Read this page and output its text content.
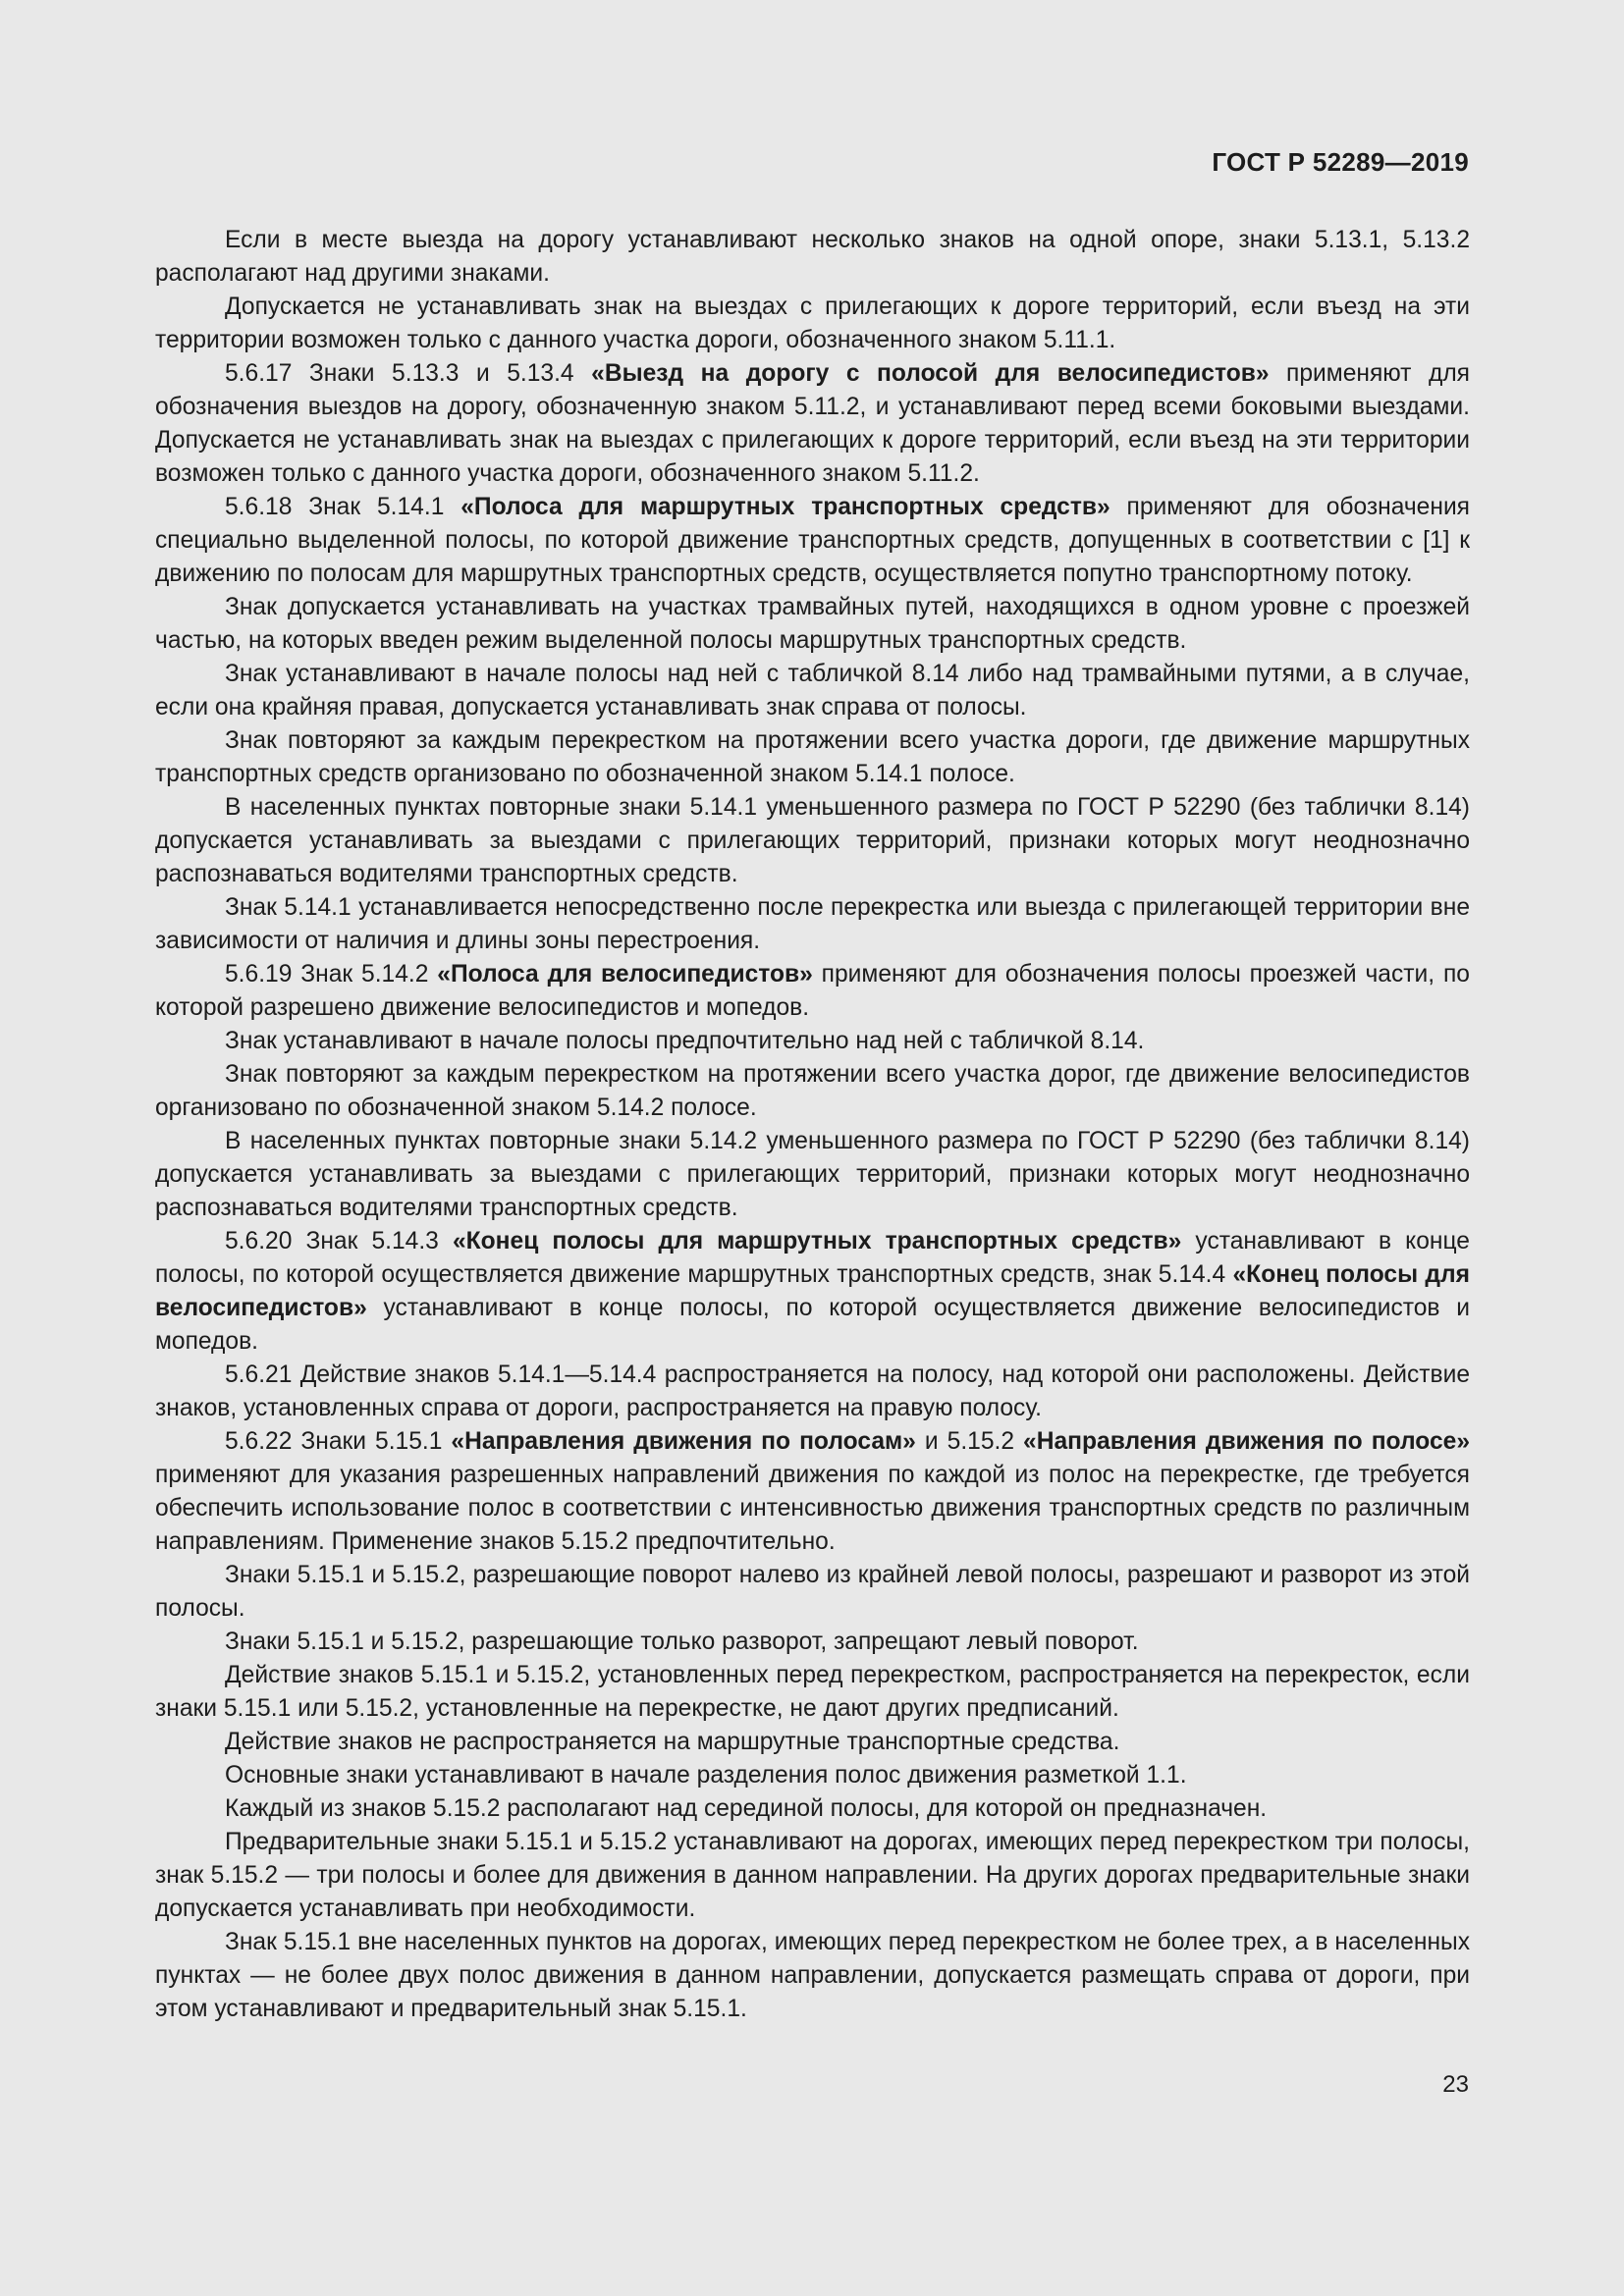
ГОСТ Р 52289—2019

Если в месте выезда на дорогу устанавливают несколько знаков на одной опоре, знаки 5.13.1, 5.13.2 располагают над другими знаками.

Допускается не устанавливать знак на выездах с прилегающих к дороге территорий, если въезд на эти территории возможен только с данного участка дороги, обозначенного знаком 5.11.1.

5.6.17 Знаки 5.13.3 и 5.13.4 «Выезд на дорогу с полосой для велосипедистов» применяют для обозначения выездов на дорогу, обозначенную знаком 5.11.2, и устанавливают перед всеми боковыми выездами. Допускается не устанавливать знак на выездах с прилегающих к дороге территорий, если въезд на эти территории возможен только с данного участка дороги, обозначенного знаком 5.11.2.

5.6.18 Знак 5.14.1 «Полоса для маршрутных транспортных средств» применяют для обозначения специально выделенной полосы, по которой движение транспортных средств, допущенных в соответствии с [1] к движению по полосам для маршрутных транспортных средств, осуществляется попутно транспортному потоку.

Знак допускается устанавливать на участках трамвайных путей, находящихся в одном уровне с проезжей частью, на которых введен режим выделенной полосы маршрутных транспортных средств.

Знак устанавливают в начале полосы над ней с табличкой 8.14 либо над трамвайными путями, а в случае, если она крайняя правая, допускается устанавливать знак справа от полосы.

Знак повторяют за каждым перекрестком на протяжении всего участка дороги, где движение маршрутных транспортных средств организовано по обозначенной знаком 5.14.1 полосе.

В населенных пунктах повторные знаки 5.14.1 уменьшенного размера по ГОСТ Р 52290 (без таблички 8.14) допускается устанавливать за выездами с прилегающих территорий, признаки которых могут неоднозначно распознаваться водителями транспортных средств.

Знак 5.14.1 устанавливается непосредственно после перекрестка или выезда с прилегающей территории вне зависимости от наличия и длины зоны перестроения.

5.6.19 Знак 5.14.2 «Полоса для велосипедистов» применяют для обозначения полосы проезжей части, по которой разрешено движение велосипедистов и мопедов.

Знак устанавливают в начале полосы предпочтительно над ней с табличкой 8.14.

Знак повторяют за каждым перекрестком на протяжении всего участка дорог, где движение велосипедистов организовано по обозначенной знаком 5.14.2 полосе.

В населенных пунктах повторные знаки 5.14.2 уменьшенного размера по ГОСТ Р 52290 (без таблички 8.14) допускается устанавливать за выездами с прилегающих территорий, признаки которых могут неоднозначно распознаваться водителями транспортных средств.

5.6.20 Знак 5.14.3 «Конец полосы для маршрутных транспортных средств» устанавливают в конце полосы, по которой осуществляется движение маршрутных транспортных средств, знак 5.14.4 «Конец полосы для велосипедистов» устанавливают в конце полосы, по которой осуществляется движение велосипедистов и мопедов.

5.6.21 Действие знаков 5.14.1—5.14.4 распространяется на полосу, над которой они расположены. Действие знаков, установленных справа от дороги, распространяется на правую полосу.

5.6.22 Знаки 5.15.1 «Направления движения по полосам» и 5.15.2 «Направления движения по полосе» применяют для указания разрешенных направлений движения по каждой из полос на перекрестке, где требуется обеспечить использование полос в соответствии с интенсивностью движения транспортных средств по различным направлениям. Применение знаков 5.15.2 предпочтительно.

Знаки 5.15.1 и 5.15.2, разрешающие поворот налево из крайней левой полосы, разрешают и разворот из этой полосы.

Знаки 5.15.1 и 5.15.2, разрешающие только разворот, запрещают левый поворот.

Действие знаков 5.15.1 и 5.15.2, установленных перед перекрестком, распространяется на перекресток, если знаки 5.15.1 или 5.15.2, установленные на перекрестке, не дают других предписаний.

Действие знаков не распространяется на маршрутные транспортные средства.

Основные знаки устанавливают в начале разделения полос движения разметкой 1.1.

Каждый из знаков 5.15.2 располагают над серединой полосы, для которой он предназначен.

Предварительные знаки 5.15.1 и 5.15.2 устанавливают на дорогах, имеющих перед перекрестком три полосы, знак 5.15.2 — три полосы и более для движения в данном направлении. На других дорогах предварительные знаки допускается устанавливать при необходимости.

Знак 5.15.1 вне населенных пунктов на дорогах, имеющих перед перекрестком не более трех, а в населенных пунктах — не более двух полос движения в данном направлении, допускается размещать справа от дороги, при этом устанавливают и предварительный знак 5.15.1.

23
